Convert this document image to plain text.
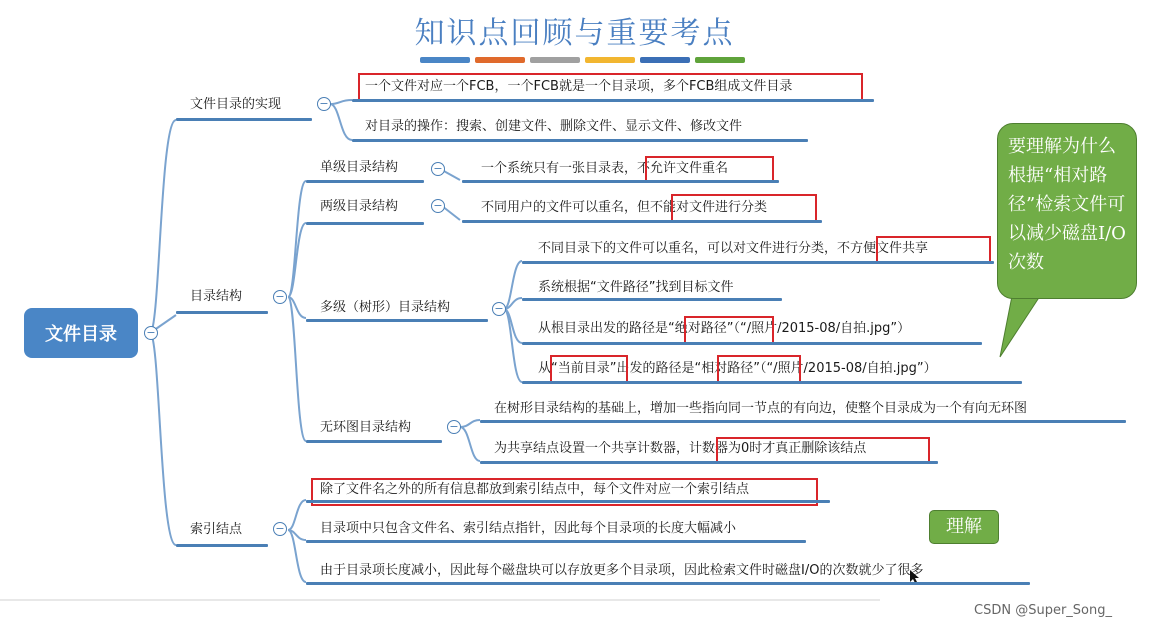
知识点回顾与重要考点
文件目录	−
文件目录的实现	−
一个文件对应一个FCB，一个FCB就是一个目录项，多个FCB组成文件目录
对目录的操作：搜索、创建文件、删除文件、显示文件、修改文件
目录结构	−
单级目录结构	−	一个系统只有一张目录表，不允许文件重名
两级目录结构	−	不同用户的文件可以重名，但不能对文件进行分类
多级（树形）目录结构	−
不同目录下的文件可以重名，可以对文件进行分类，不方便文件共享
系统根据“文件路径”找到目标文件
从根目录出发的路径是“绝对路径”（“/照片/2015-08/自拍.jpg”）
从“当前目录”出发的路径是“相对路径”（“/照片/2015-08/自拍.jpg”）
无环图目录结构	−
在树形目录结构的基础上，增加一些指向同一节点的有向边，使整个目录成为一个有向无环图
为共享结点设置一个共享计数器，计数器为0时才真正删除该结点
索引结点	−
除了文件名之外的所有信息都放到索引结点中，每个文件对应一个索引结点
目录项中只包含文件名、索引结点指针，因此每个目录项的长度大幅减小
由于目录项长度减小，因此每个磁盘块可以存放更多个目录项，因此检索文件时磁盘I/O的次数就少了很多
要理解为什么根据“相对路径”检索文件可以减少磁盘I/O次数
理解
CSDN @Super_Song_
